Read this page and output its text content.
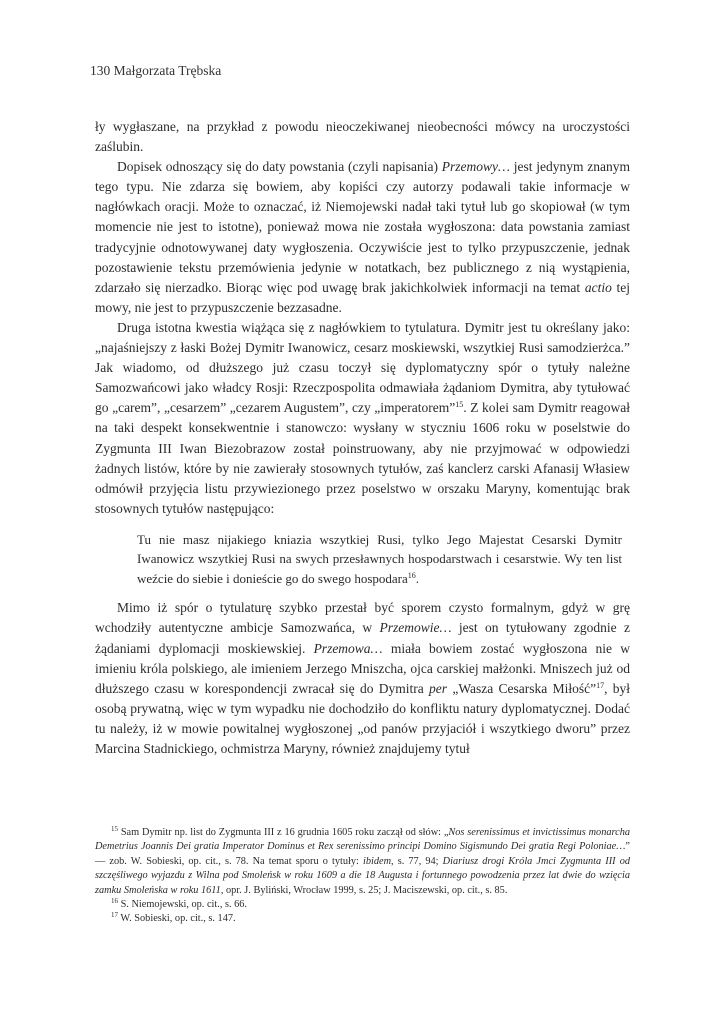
130 Małgorzata Trębska

ły wygłaszane, na przykład z powodu nieoczekiwanej nieobecności mówcy na uroczystości zaślubin.

Dopisek odnoszący się do daty powstania (czyli napisania) Przemowy… jest jedynym znanym tego typu. Nie zdarza się bowiem, aby kopiści czy autorzy podawali takie informacje w nagłówkach oracji. Może to oznaczać, iż Niemojewski nadał taki tytuł lub go skopiował (w tym momencie nie jest to istotne), ponieważ mowa nie została wygłoszona: data powstania zamiast tradycyjnie odnotowywanej daty wygłoszenia. Oczywiście jest to tylko przypuszczenie, jednak pozostawienie tekstu przemówienia jedynie w notatkach, bez publicznego z nią wystąpienia, zdarzało się nierzadko. Biorąc więc pod uwagę brak jakichkolwiek informacji na temat actio tej mowy, nie jest to przypuszczenie bezzasadne.

Druga istotna kwestia wiążąca się z nagłówkiem to tytulatura. Dymitr jest tu określany jako: „najaśniejszy z łaski Bożej Dymitr Iwanowicz, cesarz moskiewski, wszytkiej Rusi samodzierżca.” Jak wiadomo, od dłuższego już czasu toczył się dyplomatyczny spór o tytuły należne Samozwańcowi jako władcy Rosji: Rzeczpospolita odmawiała żądaniom Dymitra, aby tytułować go „carem”, „cesarzem” „cezarem Augustem”, czy „imperatorem”$^{15}$. Z kolei sam Dymitr reagował na taki despekt konsekwentnie i stanowczo: wysłany w styczniu 1606 roku w poselstwie do Zygmunta III Iwan Biezobrazow został poinstruowany, aby nie przyjmować w odpowiedzi żadnych listów, które by nie zawierały stosownych tytułów, zaś kanclerz carski Afanasij Własiew odmówił przyjęcia listu przywiezionego przez poselstwo w orszaku Maryny, komentując brak stosownych tytułów następująco:

Tu nie masz nijakiego kniazia wszytkiej Rusi, tylko Jego Majestat Cesarski Dymitr Iwanowicz wszytkiej Rusi na swych przesławnych hospodarstwach i cesarstwie. Wy ten list weźcie do siebie i donieście go do swego hospodara$^{16}$.

Mimo iż spór o tytulaturę szybko przestał być sporem czysto formalnym, gdyż w grę wchodziły autentyczne ambicje Samozwańca, w Przemowie… jest on tytułowany zgodnie z żądaniami dyplomacji moskiewskiej. Przemowa… miała bowiem zostać wygłoszona nie w imieniu króla polskiego, ale imieniem Jerzego Mniszcha, ojca carskiej małżonki. Mniszech już od dłuższego czasu w korespondencji zwracał się do Dymitra per „Wasza Cesarska Miłość”$^{17}$, był osobą prywatną, więc w tym wypadku nie dochodziło do konfliktu natury dyplomatycznej. Dodać tu należy, iż w mowie powitalnej wygłoszonej „od panów przyjaciół i wszytkiego dworu” przez Marcina Stadnickiego, ochmistrza Maryny, również znajdujemy tytuł

$^{15}$ Sam Dymitr np. list do Zygmunta III z 16 grudnia 1605 roku zaczął od słów: „Nos serenissimus et invictissimus monarcha Demetrius Joannis Dei gratia Imperator Dominus et Rex serenissimo principi Domino Sigismundo Dei gratia Regi Poloniae…” — zob. W. Sobieski, op. cit., s. 78. Na temat sporu o tytuły: ibidem, s. 77, 94; Diariusz drogi Króla Jmci Zygmunta III od szczęśliwego wyjazdu z Wilna pod Smoleńsk w roku 1609 a die 18 Augusta i fortunnego powodzenia przez lat dwie do wzięcia zamku Smoleńska w roku 1611, opr. J. Byliński, Wrocław 1999, s. 25; J. Maciszewski, op. cit., s. 85.

$^{16}$ S. Niemojewski, op. cit., s. 66.

$^{17}$ W. Sobieski, op. cit., s. 147.
